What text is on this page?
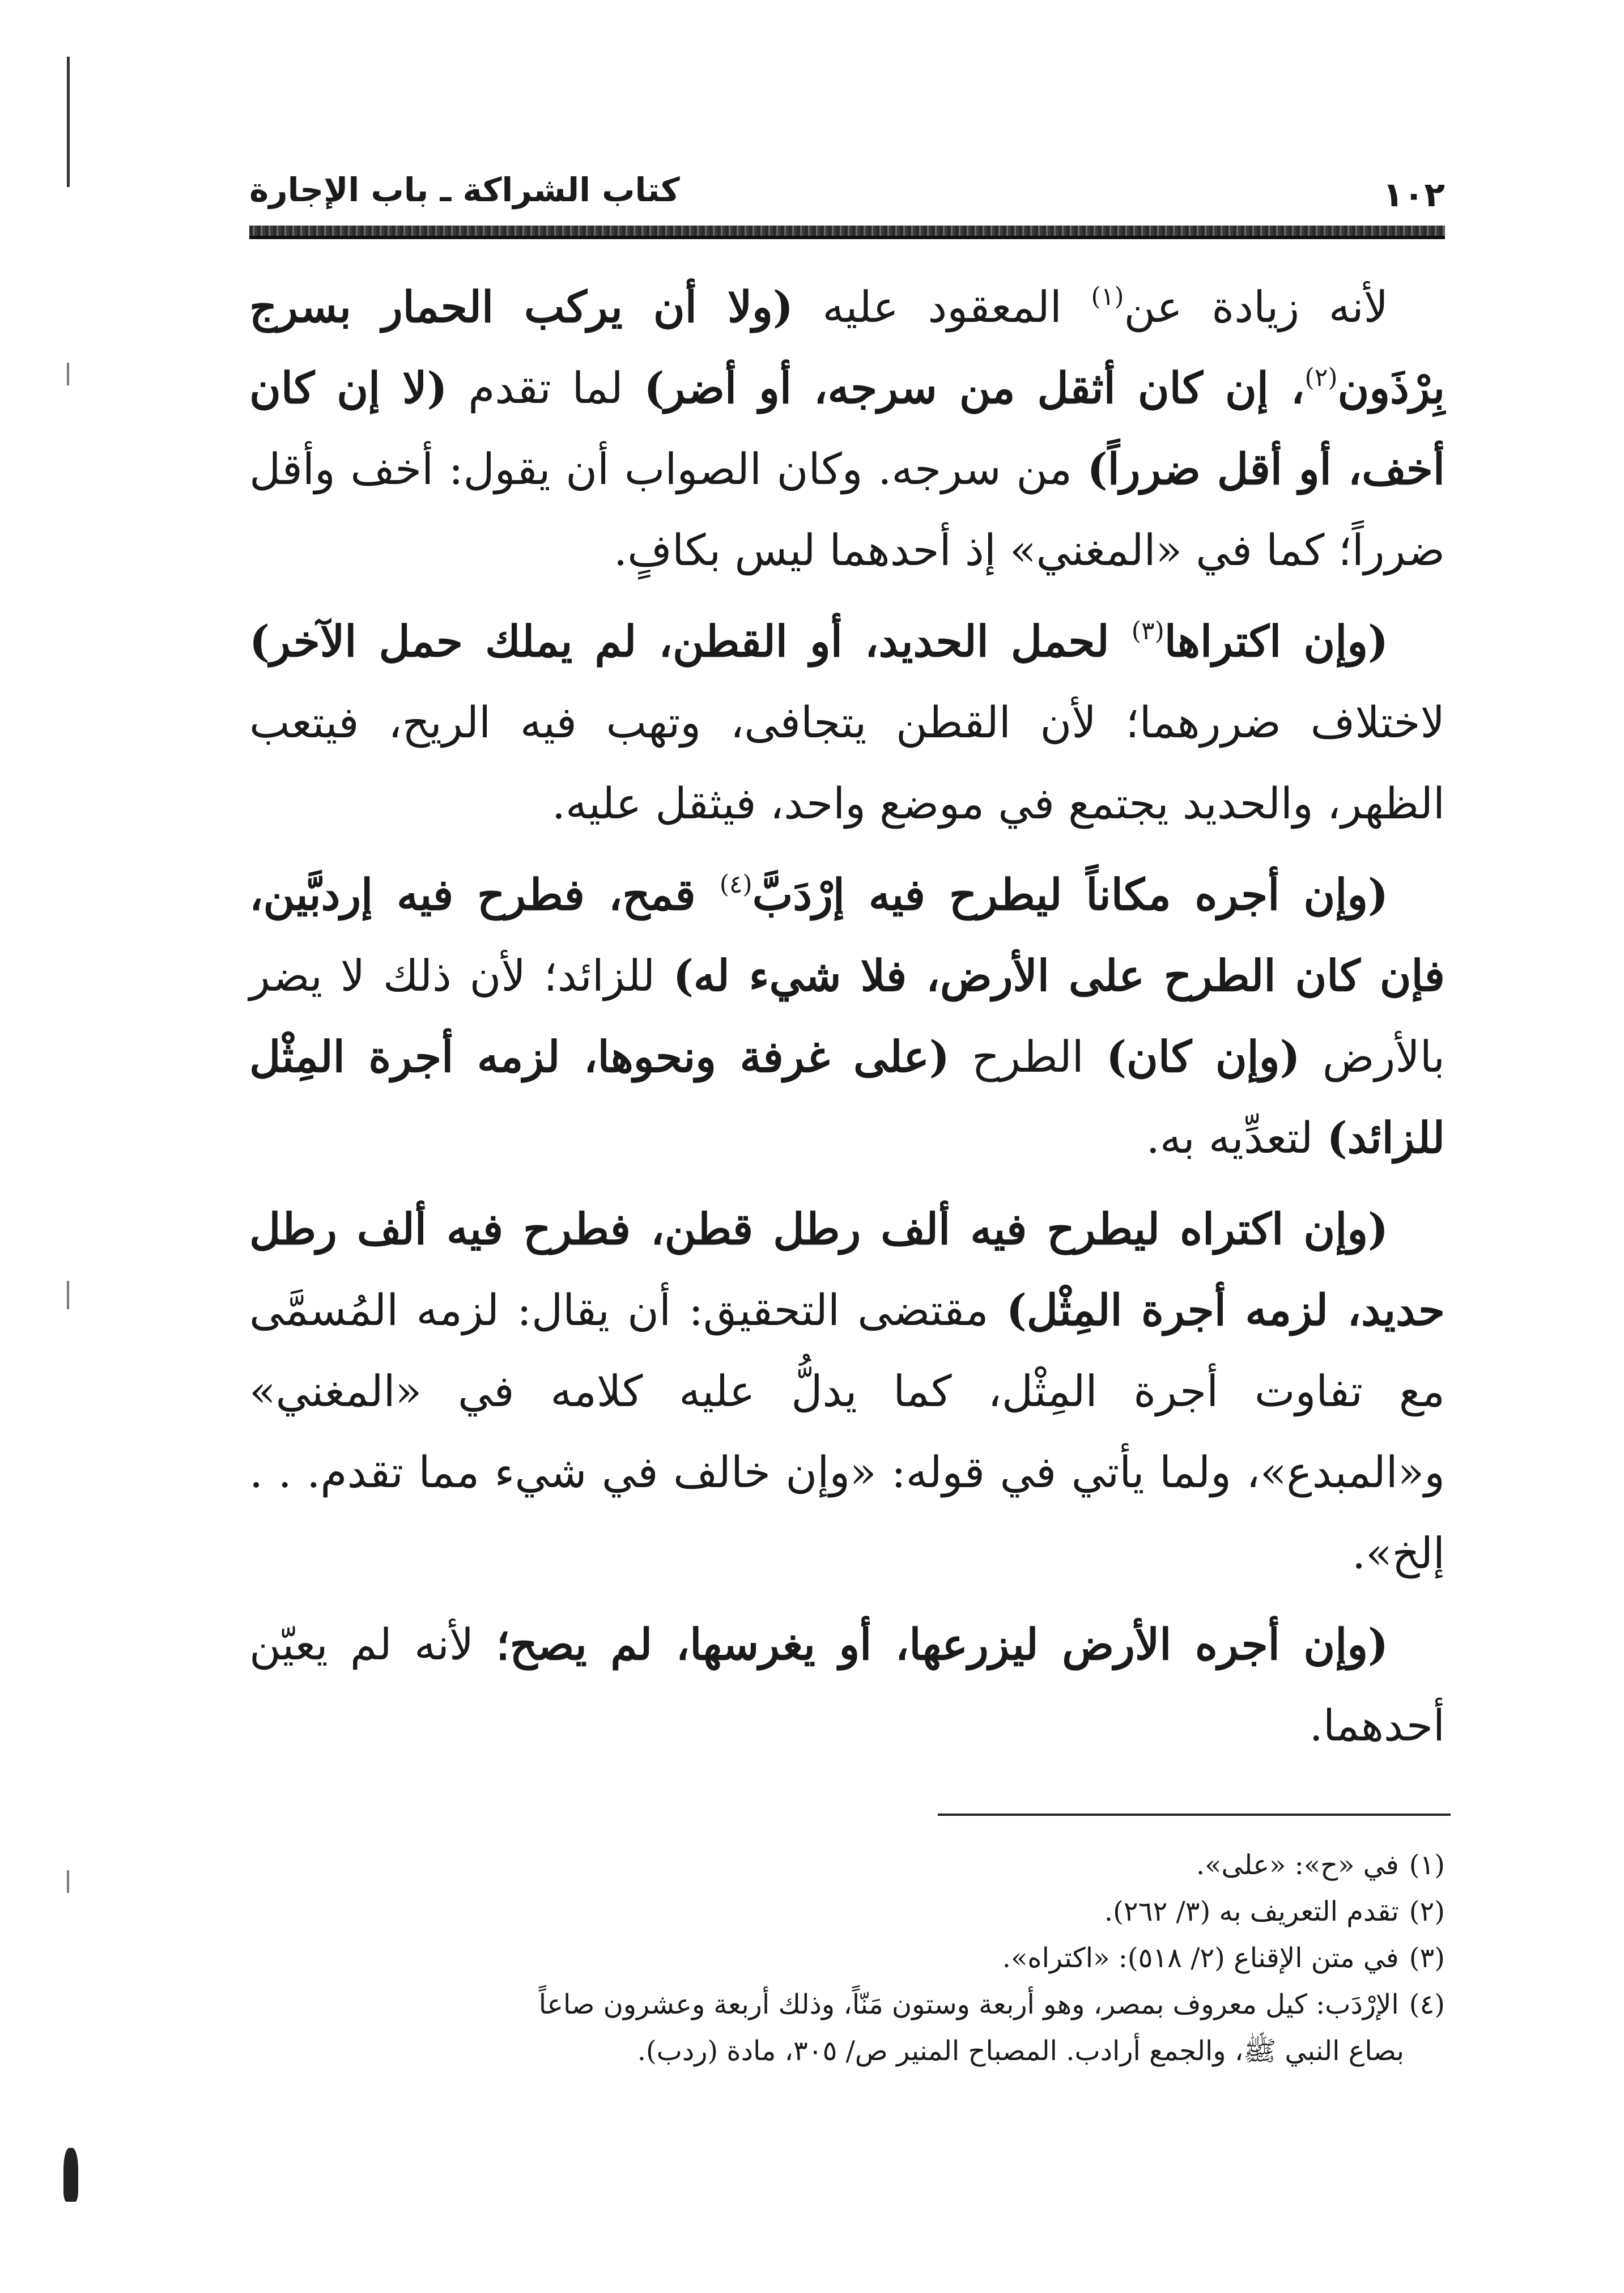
١٠٢
كتاب الشراكة ـ باب الإجارة

لأنه زيادة عن$^{(١)}$ المعقود عليه (ولا أن يركب الحمار بسرج بِرْذَون$^{(٢)}$، إن كان أثقل من سرجه، أو أضر) لما تقدم (لا إن كان أخف، أو أقل ضرراً) من سرجه. وكان الصواب أن يقول: أخف وأقل ضرراً؛ كما في «المغني» إذ أحدهما ليس بكافٍ.

(وإن اكتراها$^{(٣)}$ لحمل الحديد، أو القطن، لم يملك حمل الآخر) لاختلاف ضررهما؛ لأن القطن يتجافى، وتهب فيه الريح، فيتعب الظهر، والحديد يجتمع في موضع واحد، فيثقل عليه.

(وإن أجره مكاناً ليطرح فيه إرْدَبَّ$^{(٤)}$ قمح، فطرح فيه إردبَّين، فإن كان الطرح على الأرض، فلا شيء له) للزائد؛ لأن ذلك لا يضر بالأرض (وإن كان) الطرح (على غرفة ونحوها، لزمه أجرة المِثْل للزائد) لتعدِّيه به.

(وإن اكتراه ليطرح فيه ألف رطل قطن، فطرح فيه ألف رطل حديد، لزمه أجرة المِثْل) مقتضى التحقيق: أن يقال: لزمه المُسمَّى مع تفاوت أجرة المِثْل، كما يدلُّ عليه كلامه في «المغني» و«المبدع»، ولما يأتي في قوله: «وإن خالف في شيء مما تقدم. . . إلخ».

(وإن أجره الأرض ليزرعها، أو يغرسها، لم يصح؛ لأنه لم يعيّن أحدهما.

(١)في «ح»: «على».

(٢)تقدم التعريف به (٣/ ٢٦٢).

(٣)في متن الإقناع (٢/ ٥١٨): «اكتراه».

(٤)الإرْدَب: كيل معروف بمصر، وهو أربعة وستون مَنّاً، وذلك أربعة وعشرون صاعاً
بصاع النبي ﷺ، والجمع أرادب. المصباح المنير ص/ ٣٠٥، مادة (ردب).
